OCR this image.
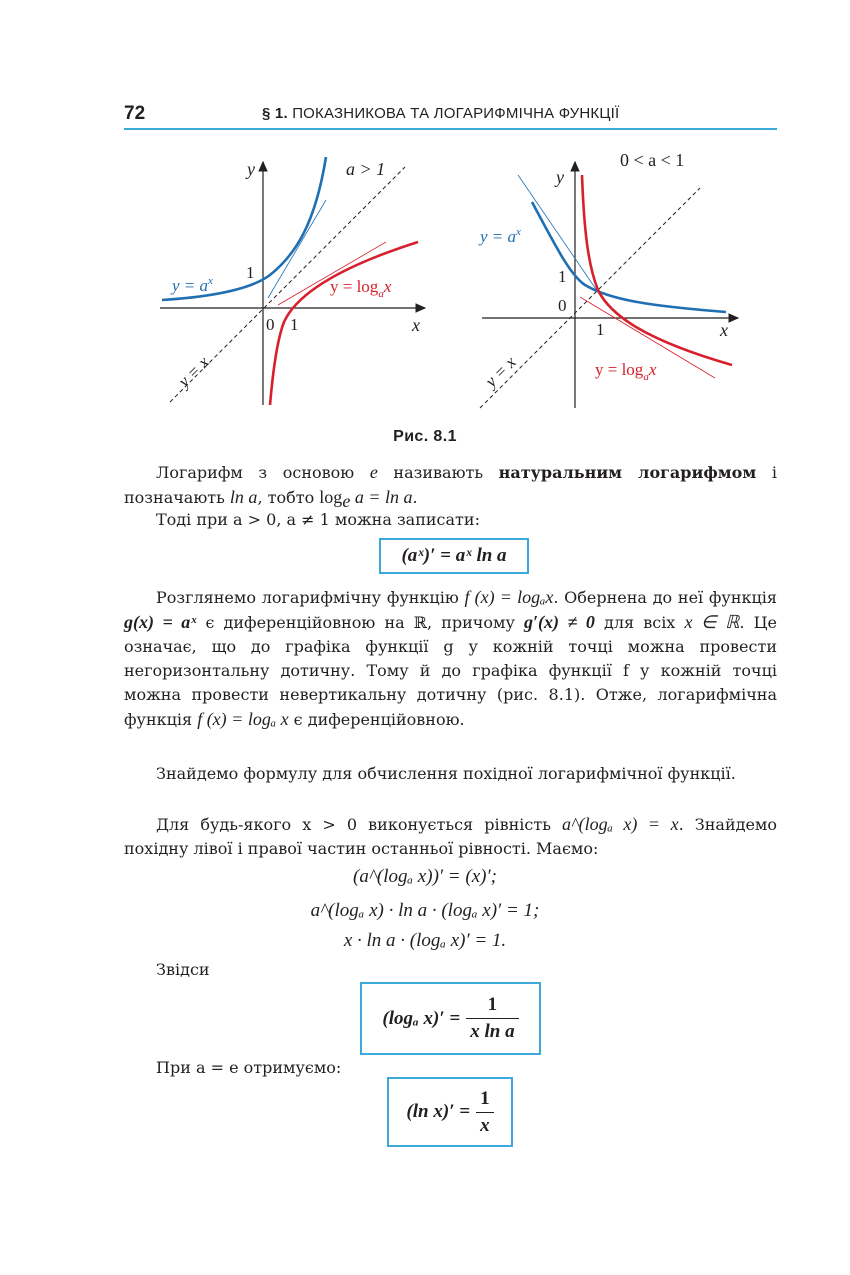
72	§ 1. ПОКАЗНИКОВА ТА ЛОГАРИФМІЧНА ФУНКЦІЇ
y
x
0 1
1
a > 1
$y = a^x$	$y = \log_ax$
y = x
y
x
0
1
1
0 < a < 1
$y = a^x$
$y = \log_ax$
y = x
Рис. 8.1
Логарифм з основою e називають натуральним логарифмом і позначають ln a, тобто $\log_e a = \ln a$.
Тоді при a > 0, a ≠ 1 можна записати:
(aˣ)′ = aˣ ln a
Розглянемо логарифмічну функцію f (x) = logₐx. Обернена до неї функція g(x) = aˣ є диференційовною на ℝ, причому g′(x) ≠ 0 для всіх x ∈ ℝ. Це означає, що до графіка функції g у кожній точці можна провести негоризонтальну дотичну. Тому й до графіка функції f у кожній точці можна провести невертикальну дотичну (рис. 8.1). Отже, логарифмічна функція f (x) = logₐ x є диференційовною.
Знайдемо формулу для обчислення похідної логарифмічної функції.
Для будь-якого x > 0 виконується рівність a^(logₐ x) = x. Знайдемо похідну лівої і правої частин останньої рівності. Маємо:
(a^(logₐ x))′ = (x)′;
a^(logₐ x) · ln a · (logₐ x)′ = 1;
x · ln a · (logₐ x)′ = 1.
Звідси
(logₐ $x)' = \frac{1}{\text{x ln a}}$
При a = e отримуємо:
(ln $x)' = \frac{1}{x}$
